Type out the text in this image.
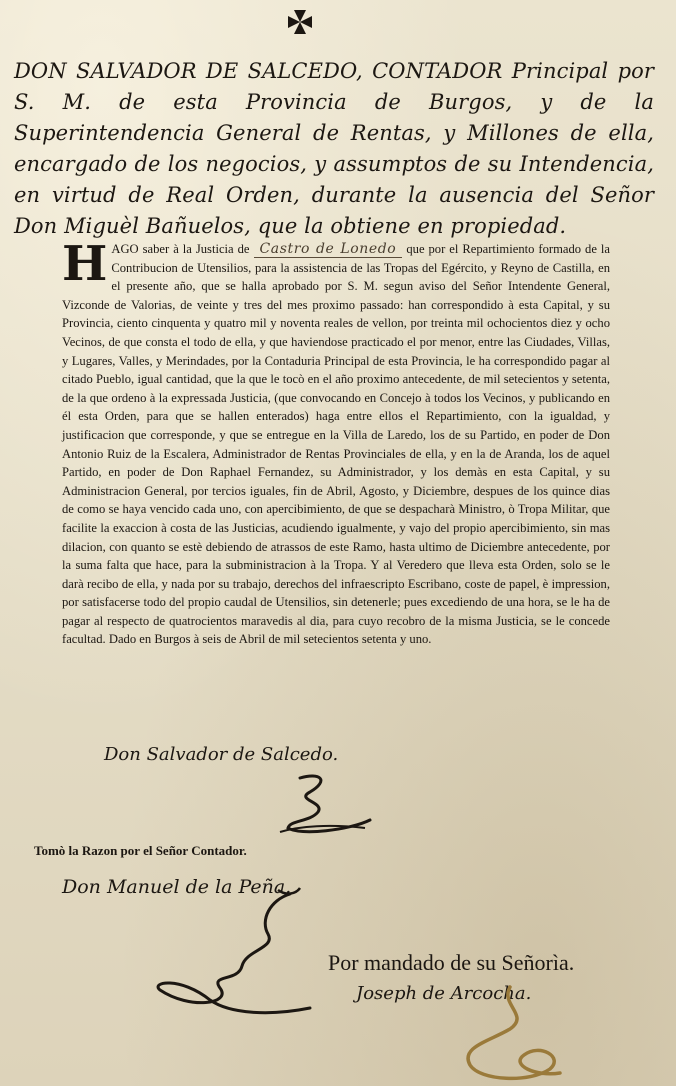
DON SALVADOR DE SALCEDO, CONTADOR Principal por S. M. de esta Provincia de Burgos, y de la Superintendencia General de Rentas, y Millones de ella, encargado de los negocios, y assumptos de su Intendencia, en virtud de Real Orden, durante la ausencia del Señor Don Miguèl Bañuelos, que la obtiene en propiedad.
H AGO saber à la Justicia de Castro de Lonedo que por el Repartimiento formado de la Contribucion de Utensilios, para la assistencia de las Tropas del Egército, y Reyno de Castilla, en el presente año, que se halla aprobado por S. M. segun aviso del Señor Intendente General, Vizconde de Valorias, de veinte y tres del mes proximo passado: han correspondido à esta Capital, y su Provincia, ciento cinquenta y quatro mil y noventa reales de vellon, por treinta mil ochocientos diez y ocho Vecinos, de que consta el todo de ella, y que haviendose practicado el por menor, entre las Ciudades, Villas, y Lugares, Valles, y Merindades, por la Contaduria Principal de esta Provincia, le ha correspondido pagar al citado Pueblo, igual cantidad, que la que le tocò en el año proximo antecedente, de mil setecientos y setenta, de la que ordeno à la expressada Justicia, (que convocando en Concejo à todos los Vecinos, y publicando en él esta Orden, para que se hallen enterados) haga entre ellos el Repartimiento, con la igualdad, y justificacion que corresponde, y que se entregue en la Villa de Laredo, los de su Partido, en poder de Don Antonio Ruiz de la Escalera, Administrador de Rentas Provinciales de ella, y en la de Aranda, los de aquel Partido, en poder de Don Raphael Fernandez, su Administrador, y los demàs en esta Capital, y su Administracion General, por tercios iguales, fin de Abril, Agosto, y Diciembre, despues de los quince dias de como se haya vencido cada uno, con apercibimiento, de que se despacharà Ministro, ò Tropa Militar, que facilite la exaccion à costa de las Justicias, acudiendo igualmente, y vajo del propio apercibimiento, sin mas dilacion, con quanto se estè debiendo de atrassos de este Ramo, hasta ultimo de Diciembre antecedente, por la suma falta que hace, para la subministracion à la Tropa. Y al Veredero que lleva esta Orden, solo se le darà recibo de ella, y nada por su trabajo, derechos del infraescripto Escribano, coste de papel, è impression, por satisfacerse todo del propio caudal de Utensilios, sin detenerle; pues excediendo de una hora, se le ha de pagar al respecto de quatrocientos maravedis al dia, para cuyo recobro de la misma Justicia, se le concede facultad. Dado en Burgos à seis de Abril de mil setecientos setenta y uno.
Don Salvador de Salcedo.
Tomò la Razon por el Señor Contador.
Don Manuel de la Peña.
Por mandado de su Señorìa.
Joseph de Arcocha.
